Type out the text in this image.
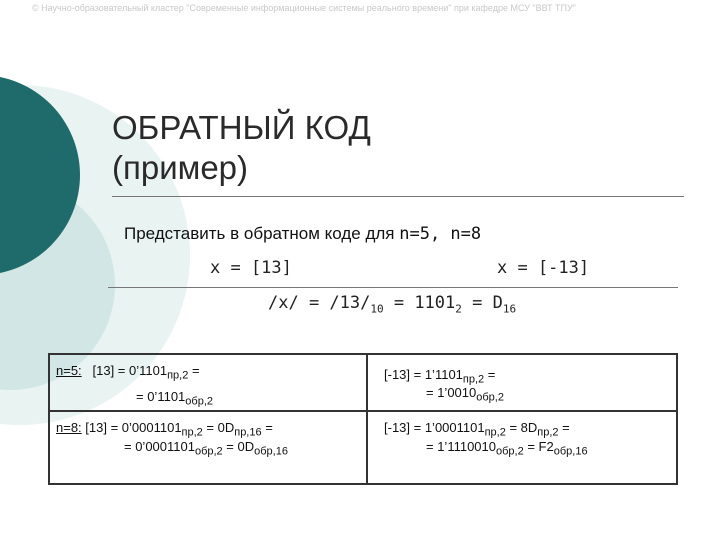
© Научно-образовательный кластер "Современные информационные системы реального времени" при кафедре МСУ "ВВТ ТПУ"
ОБРАТНЫЙ КОД
(пример)
Представить в обратном коде для n=5, n=8
x = [13]	x = [-13]
$/x/ = /13/_{10} = 1101_2 = D_{16}$
n=5: $[13] = 0’1101_{пр,2}$ =
= $0’1101_{обр,2}$
$[-13] = 1’1101_{пр,2}$ =
= $1’0010_{обр,2}$
n=8: $[13] = 0’0001101_{пр,2} = 0D_{пр,16}$ =
= $0’0001101_{обр,2} = 0D_{обр,16}$
$[-13] = 1’0001101_{пр,2} = 8D_{пр,2}$ =
= $1’1110010_{обр,2} = F2_{обр,16}$
